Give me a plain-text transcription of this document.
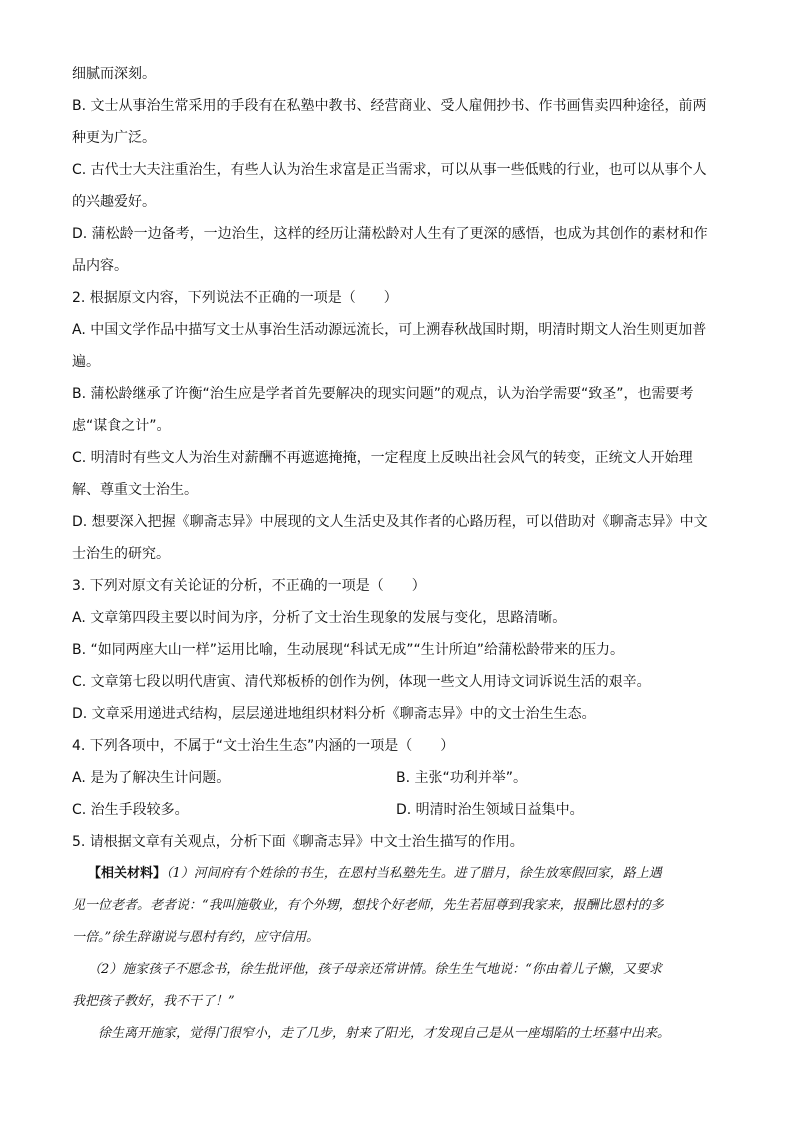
细腻而深刻。
B. 文士从事治生常采用的手段有在私塾中教书、经营商业、受人雇佣抄书、作书画售卖四种途径，前两
种更为广泛。
C. 古代士大夫注重治生，有些人认为治生求富是正当需求，可以从事一些低贱的行业，也可以从事个人
的兴趣爱好。
D. 蒲松龄一边备考，一边治生，这样的经历让蒲松龄对人生有了更深的感悟，也成为其创作的素材和作
品内容。
2. 根据原文内容，下列说法不正确的一项是（　　）
A. 中国文学作品中描写文士从事治生活动源远流长，可上溯春秋战国时期，明清时期文人治生则更加普
遍。
B. 蒲松龄继承了许衡“治生应是学者首先要解决的现实问题”的观点，认为治学需要“致圣”，也需要考
虑“谋食之计”。
C. 明清时有些文人为治生对薪酬不再遮遮掩掩，一定程度上反映出社会风气的转变，正统文人开始理
解、尊重文士治生。
D. 想要深入把握《聊斋志异》中展现的文人生活史及其作者的心路历程，可以借助对《聊斋志异》中文
士治生的研究。
3. 下列对原文有关论证的分析，不正确的一项是（　　）
A. 文章第四段主要以时间为序，分析了文士治生现象的发展与变化，思路清晰。
B. “如同两座大山一样”运用比喻，生动展现“科试无成”“生计所迫”给蒲松龄带来的压力。
C. 文章第七段以明代唐寅、清代郑板桥的创作为例，体现一些文人用诗文词诉说生活的艰辛。
D. 文章采用递进式结构，层层递进地组织材料分析《聊斋志异》中的文士治生生态。
4. 下列各项中，不属于“文士治生生态”内涵的一项是（　　）
A. 是为了解决生计问题。	B. 主张“功利并举”。
C. 治生手段较多。	D. 明清时治生领域日益集中。
5. 请根据文章有关观点，分析下面《聊斋志异》中文士治生描写的作用。
【相关材料】（1）河间府有个姓徐的书生，在恩村当私塾先生。进了腊月，徐生放寒假回家，路上遇
见一位老者。老者说：“我叫施敬业，有个外甥，想找个好老师，先生若屈尊到我家来，报酬比恩村的多
一倍。”徐生辞谢说与恩村有约，应守信用。
（2）施家孩子不愿念书，徐生批评他，孩子母亲还常讲情。徐生生气地说：“你由着儿子懒，又要求
我把孩子教好，我不干了！”
徐生离开施家，觉得门很窄小，走了几步，射来了阳光，才发现自己是从一座塌陷的土坯墓中出来。
